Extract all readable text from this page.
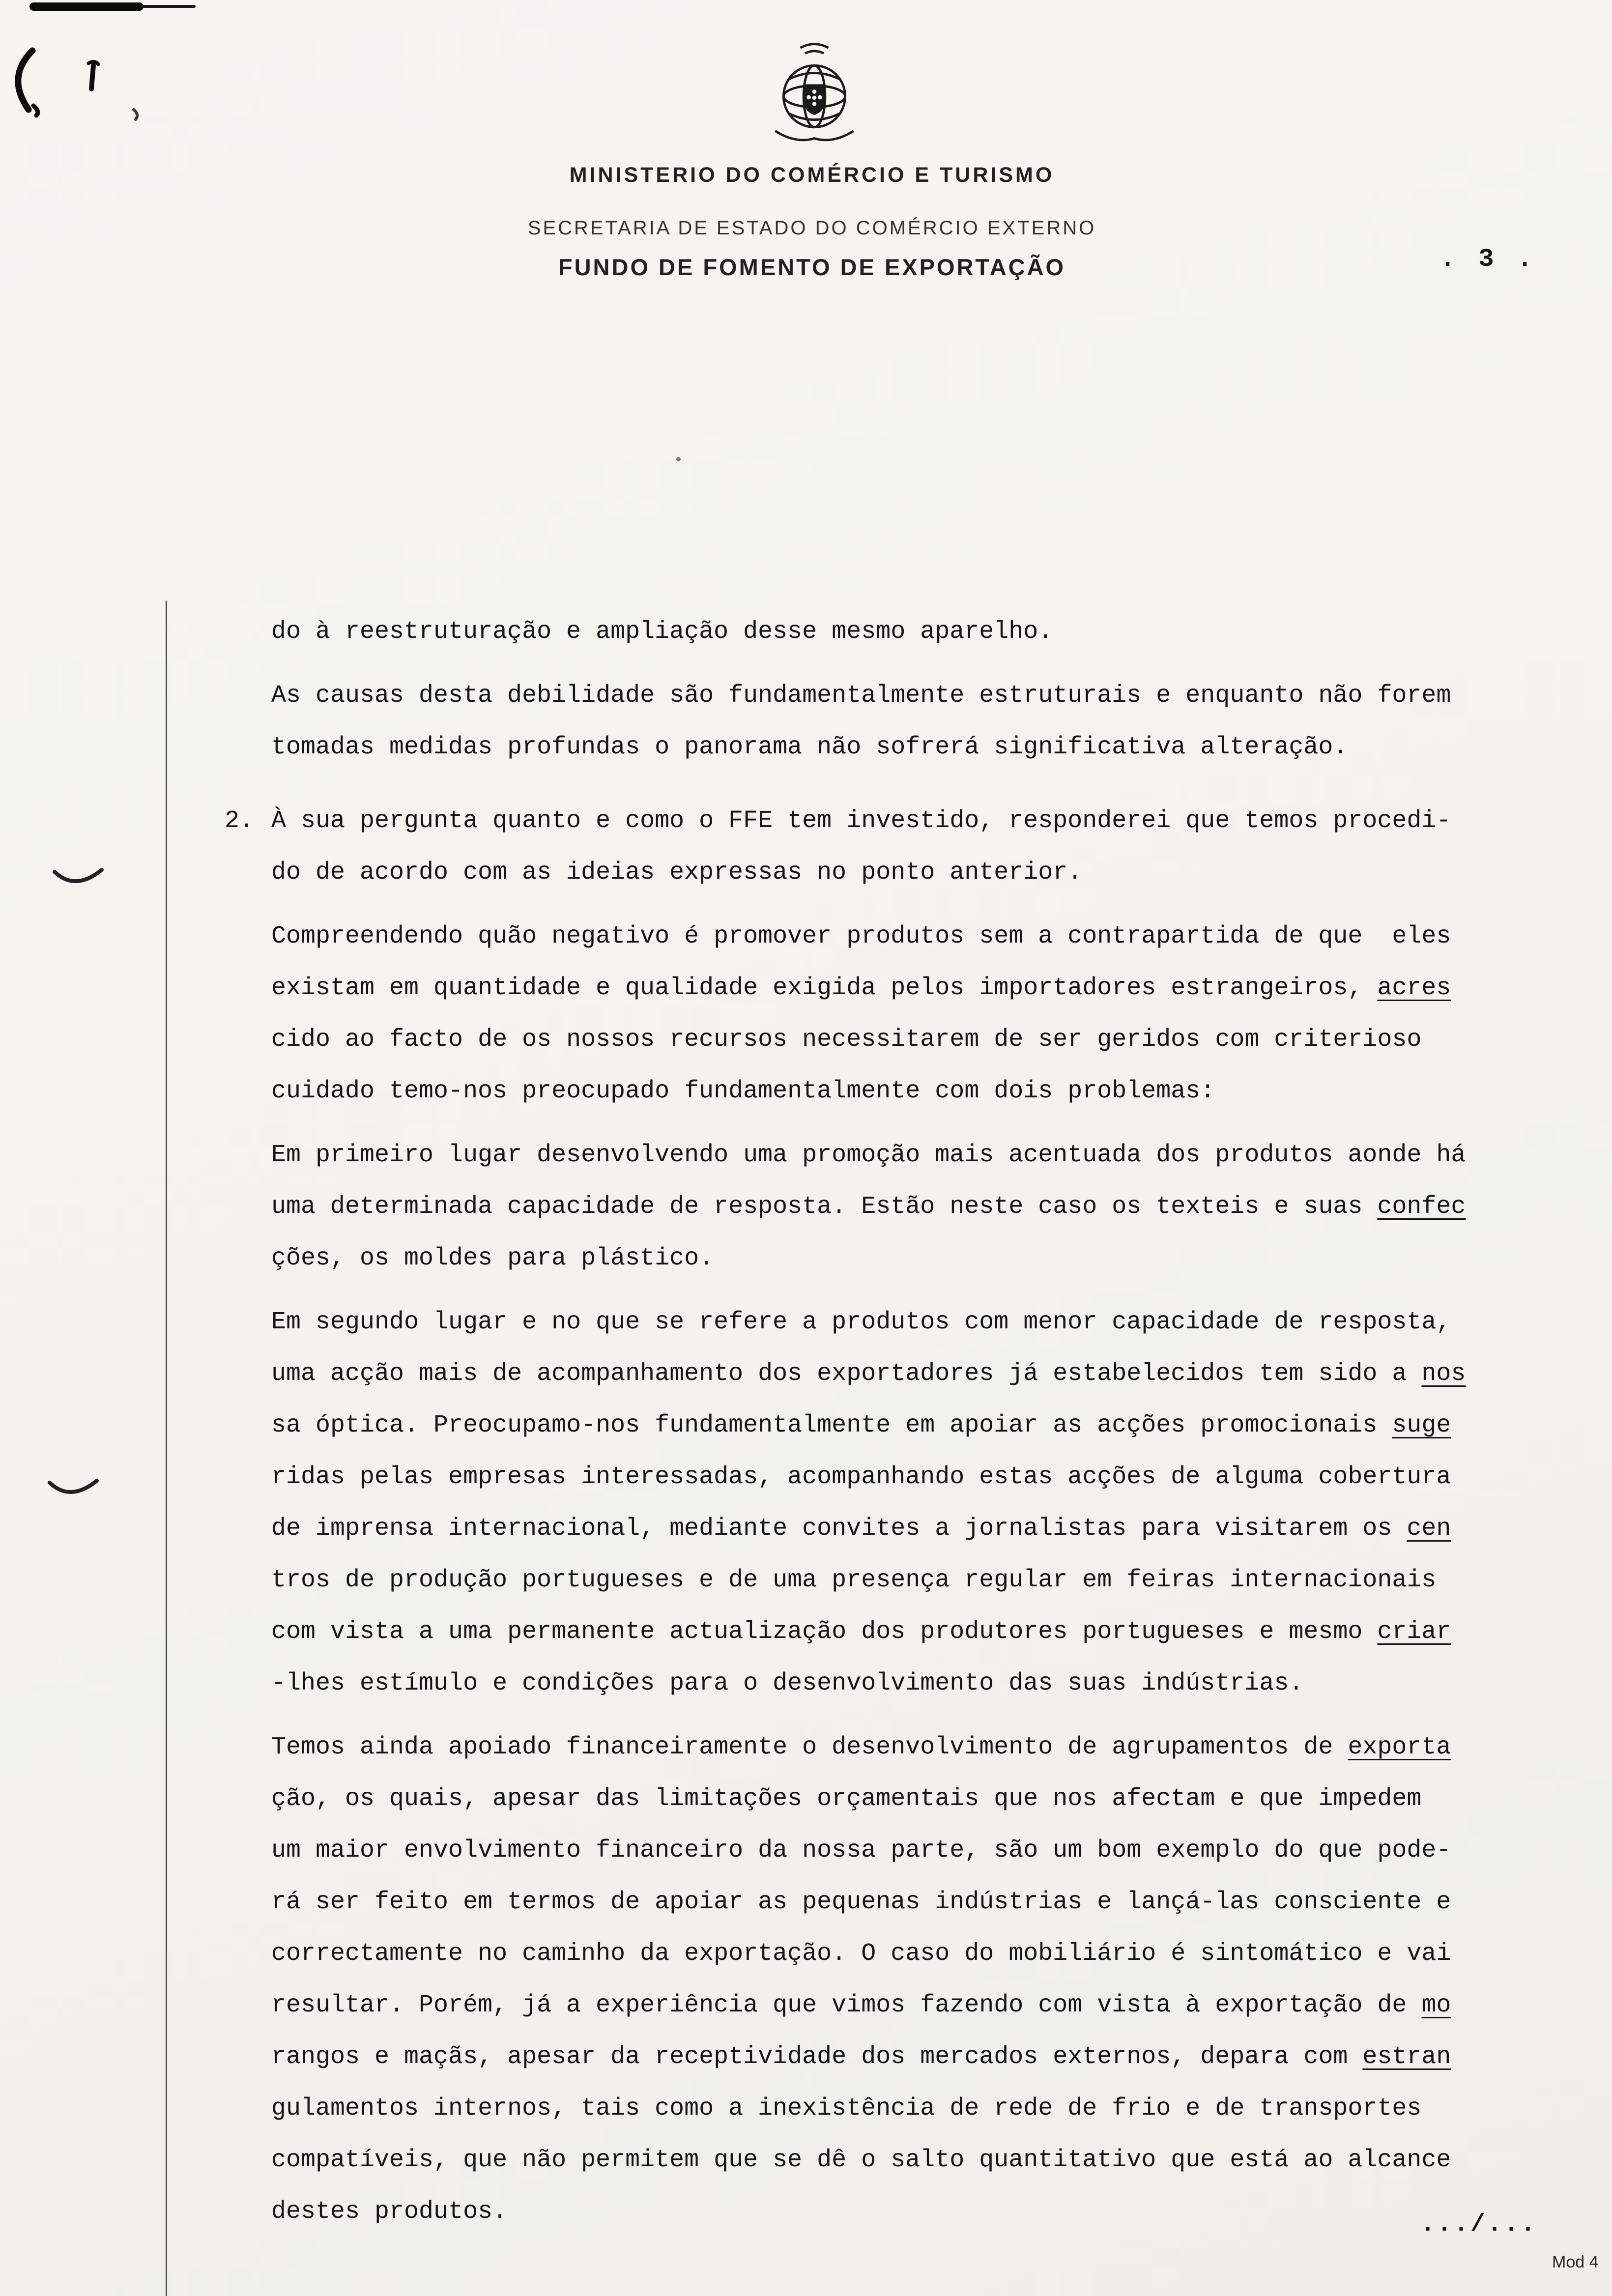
MINISTERIO DO COMÉRCIO E TURISMO
SECRETARIA DE ESTADO DO COMÉRCIO EXTERNO
FUNDO DE FOMENTO DE EXPORTAÇÃO	. 3 .
do à reestruturação e ampliação desse mesmo aparelho.
As causas desta debilidade são fundamentalmente estruturais e enquanto não forem
tomadas medidas profundas o panorama não sofrerá significativa alteração.
2. À sua pergunta quanto e como o FFE tem investido, responderei que temos procedi-
do de acordo com as ideias expressas no ponto anterior.
Compreendendo quão negativo é promover produtos sem a contrapartida de que  eles
existam em quantidade e qualidade exigida pelos importadores estrangeiros, acres
cido ao facto de os nossos recursos necessitarem de ser geridos com criterioso
cuidado temo-nos preocupado fundamentalmente com dois problemas:
Em primeiro lugar desenvolvendo uma promoção mais acentuada dos produtos aonde há
uma determinada capacidade de resposta. Estão neste caso os texteis e suas confec
ções, os moldes para plástico.
Em segundo lugar e no que se refere a produtos com menor capacidade de resposta,
uma acção mais de acompanhamento dos exportadores já estabelecidos tem sido a nos
sa óptica. Preocupamo-nos fundamentalmente em apoiar as acções promocionais suge
ridas pelas empresas interessadas, acompanhando estas acções de alguma cobertura
de imprensa internacional, mediante convites a jornalistas para visitarem os cen
tros de produção portugueses e de uma presença regular em feiras internacionais
com vista a uma permanente actualização dos produtores portugueses e mesmo criar
-lhes estímulo e condições para o desenvolvimento das suas indústrias.
Temos ainda apoiado financeiramente o desenvolvimento de agrupamentos de exporta
ção, os quais, apesar das limitações orçamentais que nos afectam e que impedem
um maior envolvimento financeiro da nossa parte, são um bom exemplo do que pode-
rá ser feito em termos de apoiar as pequenas indústrias e lançá-las consciente e
correctamente no caminho da exportação. O caso do mobiliário é sintomático e vai
resultar. Porém, já a experiência que vimos fazendo com vista à exportação de mo
rangos e maçãs, apesar da receptividade dos mercados externos, depara com estran
gulamentos internos, tais como a inexistência de rede de frio e de transportes
compatíveis, que não permitem que se dê o salto quantitativo que está ao alcance
destes produtos.	.../...
Mod 4
